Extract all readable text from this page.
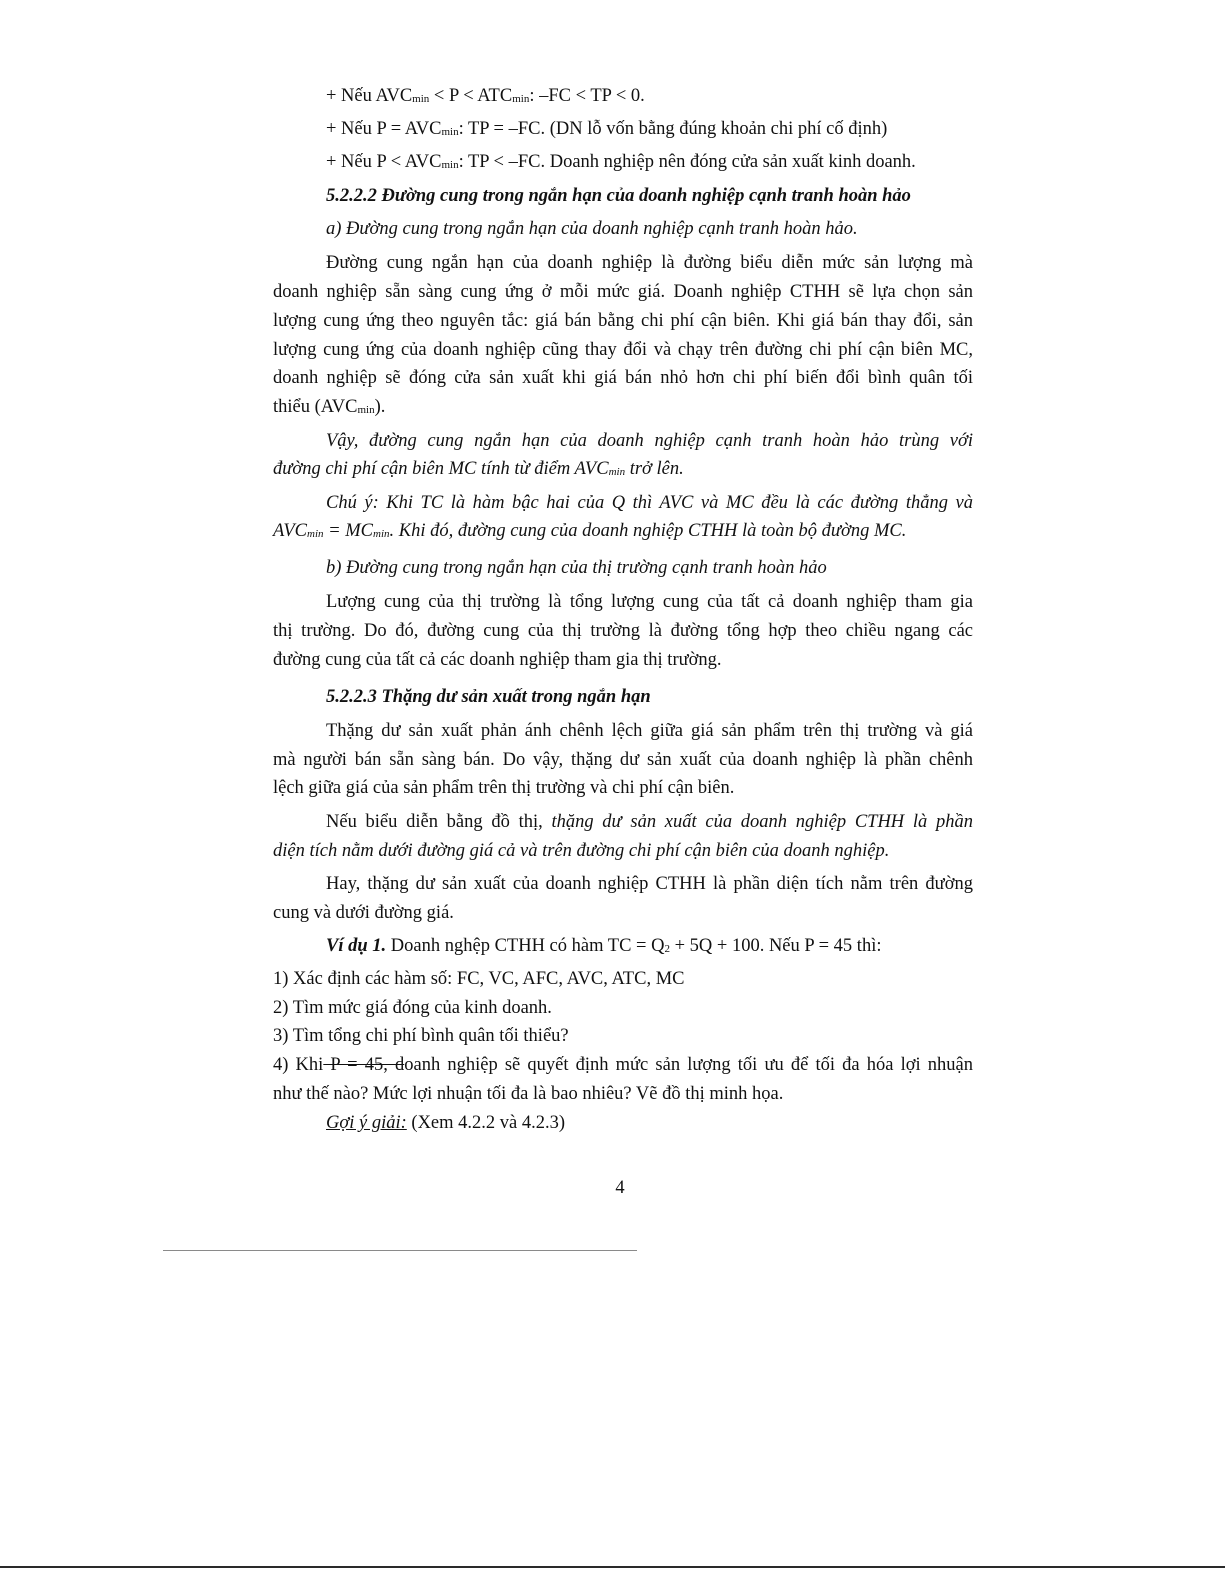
+ Nếu $AVC_{min} < P < ATC_{min}$: –FC < TP < 0.
+ Nếu $P = AVC_{min}$: TP = –FC. (DN lỗ vốn bằng đúng khoản chi phí cố định)
+ Nếu $P < AVC_{min}$: TP < –FC. Doanh nghiệp nên đóng cửa sản xuất kinh doanh.
5.2.2.2 Đường cung trong ngắn hạn của doanh nghiệp cạnh tranh hoàn hảo
a) Đường cung trong ngắn hạn của doanh nghiệp cạnh tranh hoàn hảo.
Đường cung ngắn hạn của doanh nghiệp là đường biểu diễn mức sản lượng mà
doanh nghiệp sẵn sàng cung ứng ở mỗi mức giá. Doanh nghiệp CTHH sẽ lựa chọn sản
lượng cung ứng theo nguyên tắc: giá bán bằng chi phí cận biên. Khi giá bán thay đổi, sản
lượng cung ứng của doanh nghiệp cũng thay đổi và chạy trên đường chi phí cận biên MC,
doanh nghiệp sẽ đóng cửa sản xuất khi giá bán nhỏ hơn chi phí biến đổi bình quân tối
thiểu $(AVC_{min})$.
Vậy, đường cung ngắn hạn của doanh nghiệp cạnh tranh hoàn hảo trùng với
đường chi phí cận biên MC tính từ điểm $AVC_{min}$ trở lên.
Chú ý: Khi TC là hàm bậc hai của Q thì AVC và MC đều là các đường thẳng và
$AVC_{min} = MC_{min}$. Khi đó, đường cung của doanh nghiệp CTHH là toàn bộ đường MC.
b) Đường cung trong ngắn hạn của thị trường cạnh tranh hoàn hảo
Lượng cung của thị trường là tổng lượng cung của tất cả doanh nghiệp tham gia
thị trường. Do đó, đường cung của thị trường là đường tổng hợp theo chiều ngang các
đường cung của tất cả các doanh nghiệp tham gia thị trường.
5.2.2.3 Thặng dư sản xuất trong ngắn hạn
Thặng dư sản xuất phản ánh chênh lệch giữa giá sản phẩm trên thị trường và giá
mà người bán sẵn sàng bán. Do vậy, thặng dư sản xuất của doanh nghiệp là phần chênh
lệch giữa giá của sản phẩm trên thị trường và chi phí cận biên.
Nếu biểu diễn bằng đồ thị, thặng dư sản xuất của doanh nghiệp CTHH là phần
diện tích nằm dưới đường giá cả và trên đường chi phí cận biên của doanh nghiệp.
Hay, thặng dư sản xuất của doanh nghiệp CTHH là phần diện tích nằm trên đường
cung và dưới đường giá.
Ví dụ 1. Doanh nghệp CTHH có hàm TC = $Q_2 + 5Q + 100$. Nếu P = 45 thì:
1) Xác định các hàm số: FC, VC, AFC, AVC, ATC, MC
2) Tìm mức giá đóng của kinh doanh.
3) Tìm tổng chi phí bình quân tối thiểu?
4) Khi P = 45, doanh nghiệp sẽ quyết định mức sản lượng tối ưu để tối đa hóa lợi nhuận
như thế nào? Mức lợi nhuận tối đa là bao nhiêu? Vẽ đồ thị minh họa.
Gợi ý giải: (Xem 4.2.2 và 4.2.3)
4
